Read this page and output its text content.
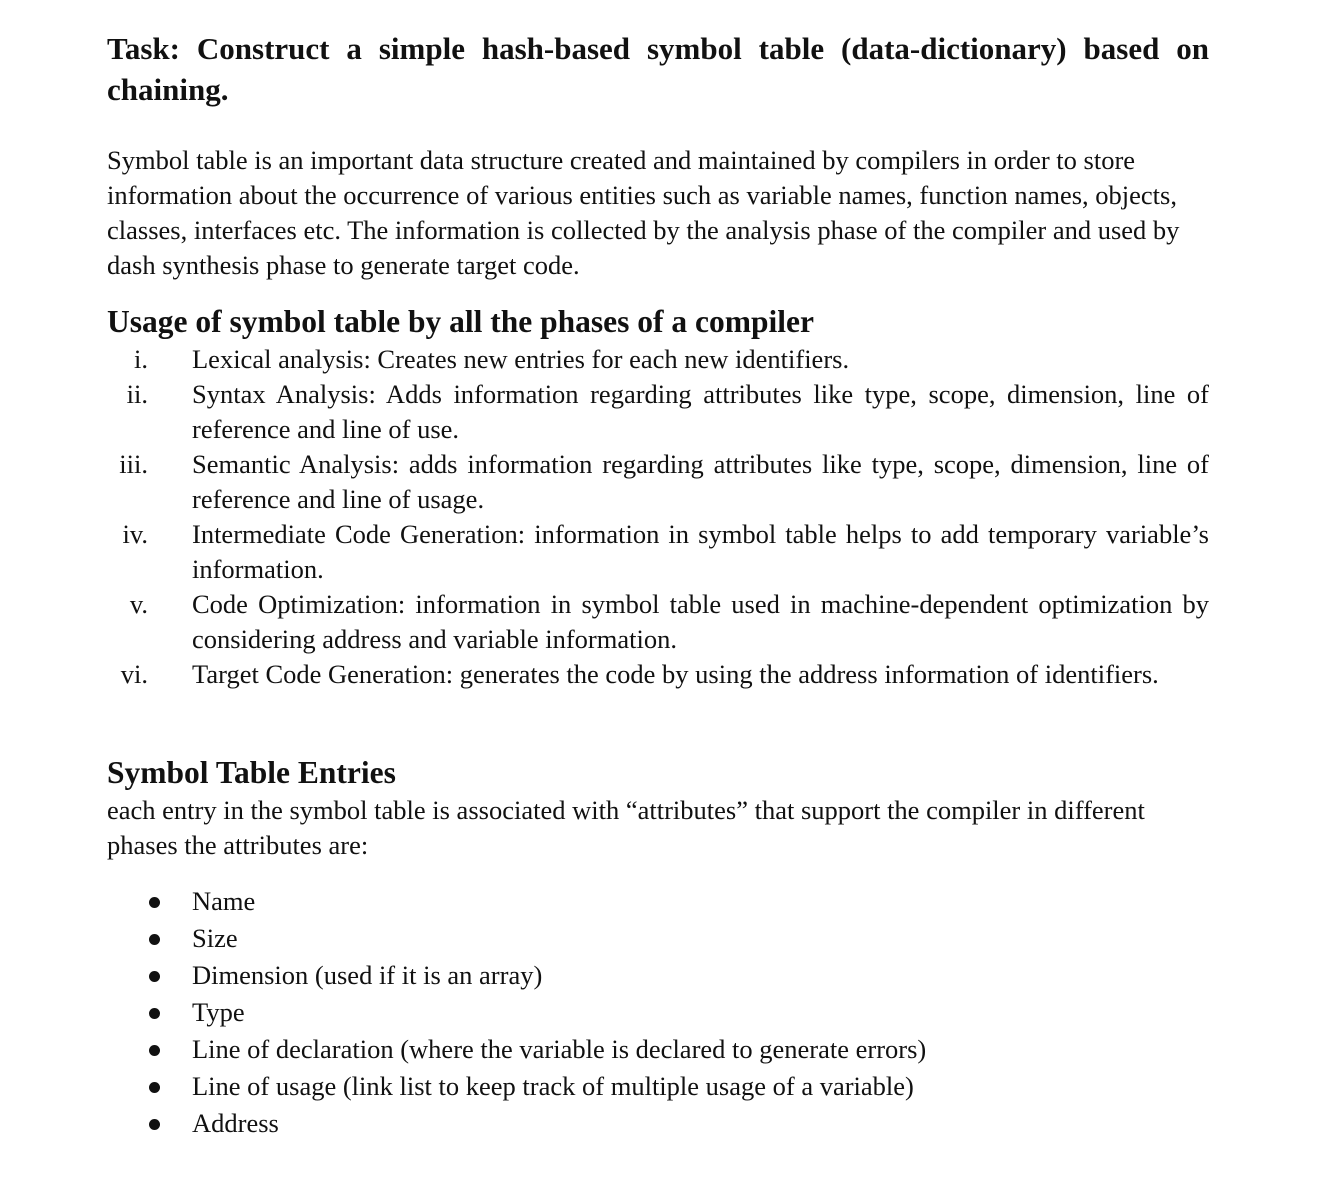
Task: Construct a simple hash-based symbol table (data-dictionary) based on chaining.

Symbol table is an important data structure created and maintained by compilers in order to store information about the occurrence of various entities such as variable names, function names, objects, classes, interfaces etc. The information is collected by the analysis phase of the compiler and used by dash synthesis phase to generate target code.

Usage of symbol table by all the phases of a compiler
i. Lexical analysis: Creates new entries for each new identifiers.
ii. Syntax Analysis: Adds information regarding attributes like type, scope, dimension, line of reference and line of use.
iii. Semantic Analysis: adds information regarding attributes like type, scope, dimension, line of reference and line of usage.
iv. Intermediate Code Generation: information in symbol table helps to add temporary variable’s information.
v. Code Optimization: information in symbol table used in machine-dependent optimization by considering address and variable information.
vi. Target Code Generation: generates the code by using the address information of identifiers.
Symbol Table Entries

each entry in the symbol table is associated with “attributes” that support the compiler in different phases the attributes are:

Name
Size
Dimension (used if it is an array)
Type
Line of declaration (where the variable is declared to generate errors)
Line of usage (link list to keep track of multiple usage of a variable)
Address
